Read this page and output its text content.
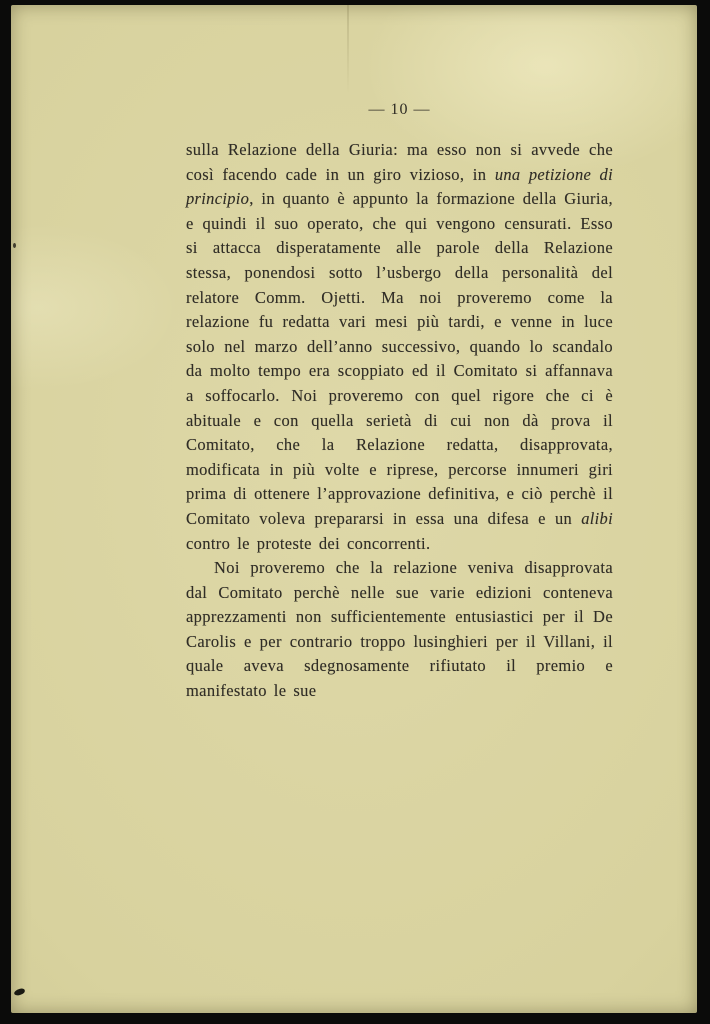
— 10 —

sulla Relazione della Giuria: ma esso non si avvede che così facendo cade in un giro vizioso, in una petizione di principio, in quanto è appunto la formazione della Giuria, e quindi il suo operato, che qui vengono censurati. Esso si attacca disperatamente alle parole della Relazione stessa, ponendosi sotto l’usbergo della personalità del relatore Comm. Ojetti. Ma noi proveremo come la relazione fu redatta vari mesi più tardi, e venne in luce solo nel marzo dell’anno successivo, quando lo scandalo da molto tempo era scoppiato ed il Comitato si affannava a soffocarlo. Noi proveremo con quel rigore che ci è abituale e con quella serietà di cui non dà prova il Comitato, che la Relazione redatta, disapprovata, modificata in più volte e riprese, percorse innumeri giri prima di ottenere l’approvazione definitiva, e ciò perchè il Comitato voleva prepararsi in essa una difesa e un alibi contro le proteste dei concorrenti.

Noi proveremo che la relazione veniva disapprovata dal Comitato perchè nelle sue varie edizioni conteneva apprezzamenti non sufficientemente entusiastici per il De Carolis e per contrario troppo lusinghieri per il Villani, il quale aveva sdegnosamente rifiutato il premio e manifestato le sue
